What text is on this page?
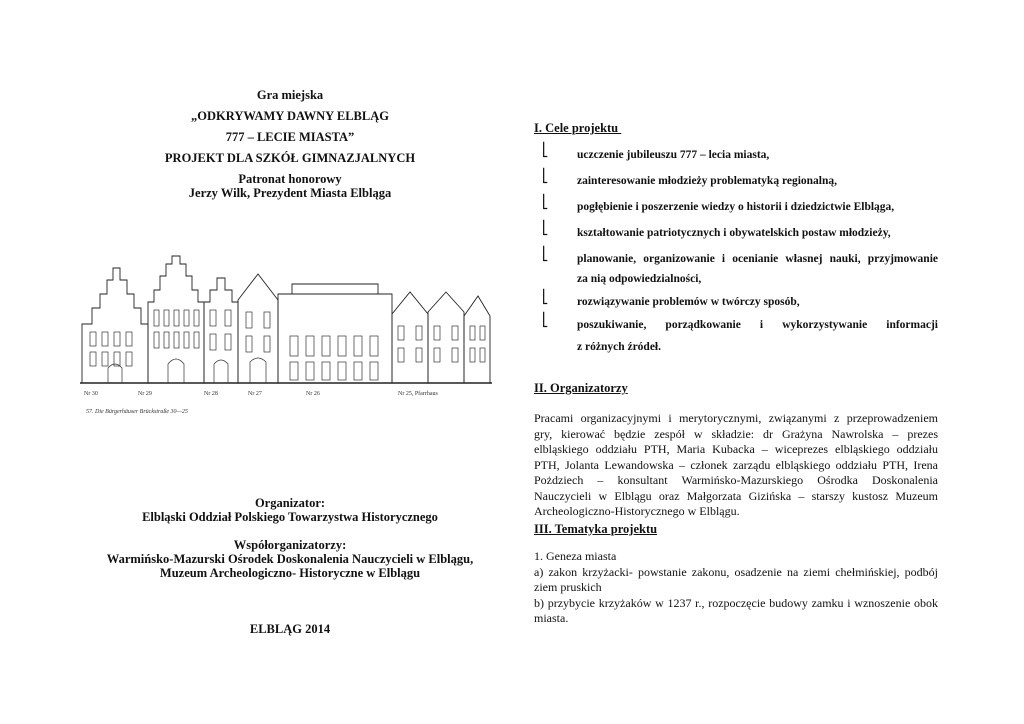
Gra miejska
„ODKRYWAMY DAWNY ELBLĄG
777 – LECIE MIASTA”
PROJEKT DLA SZKÓŁ GIMNAZJALNYCH
Patronat honorowy
Jerzy Wilk, Prezydent Miasta Elbląga
Organizator:
Elbląski Oddział Polskiego Towarzystwa Historycznego
Współorganizatorzy:
Warmińsko-Mazurski Ośrodek Doskonalenia Nauczycieli w Elblągu,
Muzeum Archeologiczno- Historyczne w Elblągu
ELBLĄG 2014
Nr 30	Nr 29	Nr 28	Nr 27	Nr 26	Nr 25, Pfarrhaus
57. Die Bürgerhäuser Brückstraße 30—25
I. Cele projektu
⎣ uczczenie jubileuszu 777 – lecia miasta,
⎣ zainteresowanie młodzieży problematyką regionalną,
⎣ pogłębienie i poszerzenie wiedzy o historii i dziedzictwie Elbląga,
⎣ kształtowanie patriotycznych i obywatelskich postaw młodzieży,
⎣ planowanie, organizowanie i ocenianie własnej nauki, przyjmowanie
za nią odpowiedzialności,
⎣ rozwiązywanie problemów w twórczy sposób,
⎣ poszukiwanie, porządkowanie i wykorzystywanie informacji
z różnych źródeł.
II. Organizatorzy
Pracami organizacyjnymi i merytorycznymi, związanymi z przeprowadzeniem
gry, kierować będzie zespół w składzie: dr Grażyna Nawrolska – prezes
elbląskiego oddziału PTH, Maria Kubacka – wiceprezes elbląskiego oddziału
PTH, Jolanta Lewandowska – członek zarządu elbląskiego oddziału PTH, Irena
Pożdziech – konsultant Warmińsko-Mazurskiego Ośrodka Doskonalenia
Nauczycieli w Elblągu oraz Małgorzata Gizińska – starszy kustosz Muzeum
Archeologiczno-Historycznego w Elblągu.
III. Tematyka projektu
1. Geneza miasta
a) zakon krzyżacki- powstanie zakonu, osadzenie na ziemi chełmińskiej, podbój
ziem pruskich
b) przybycie krzyżaków w 1237 r., rozpoczęcie budowy zamku i wznoszenie obok
miasta.
